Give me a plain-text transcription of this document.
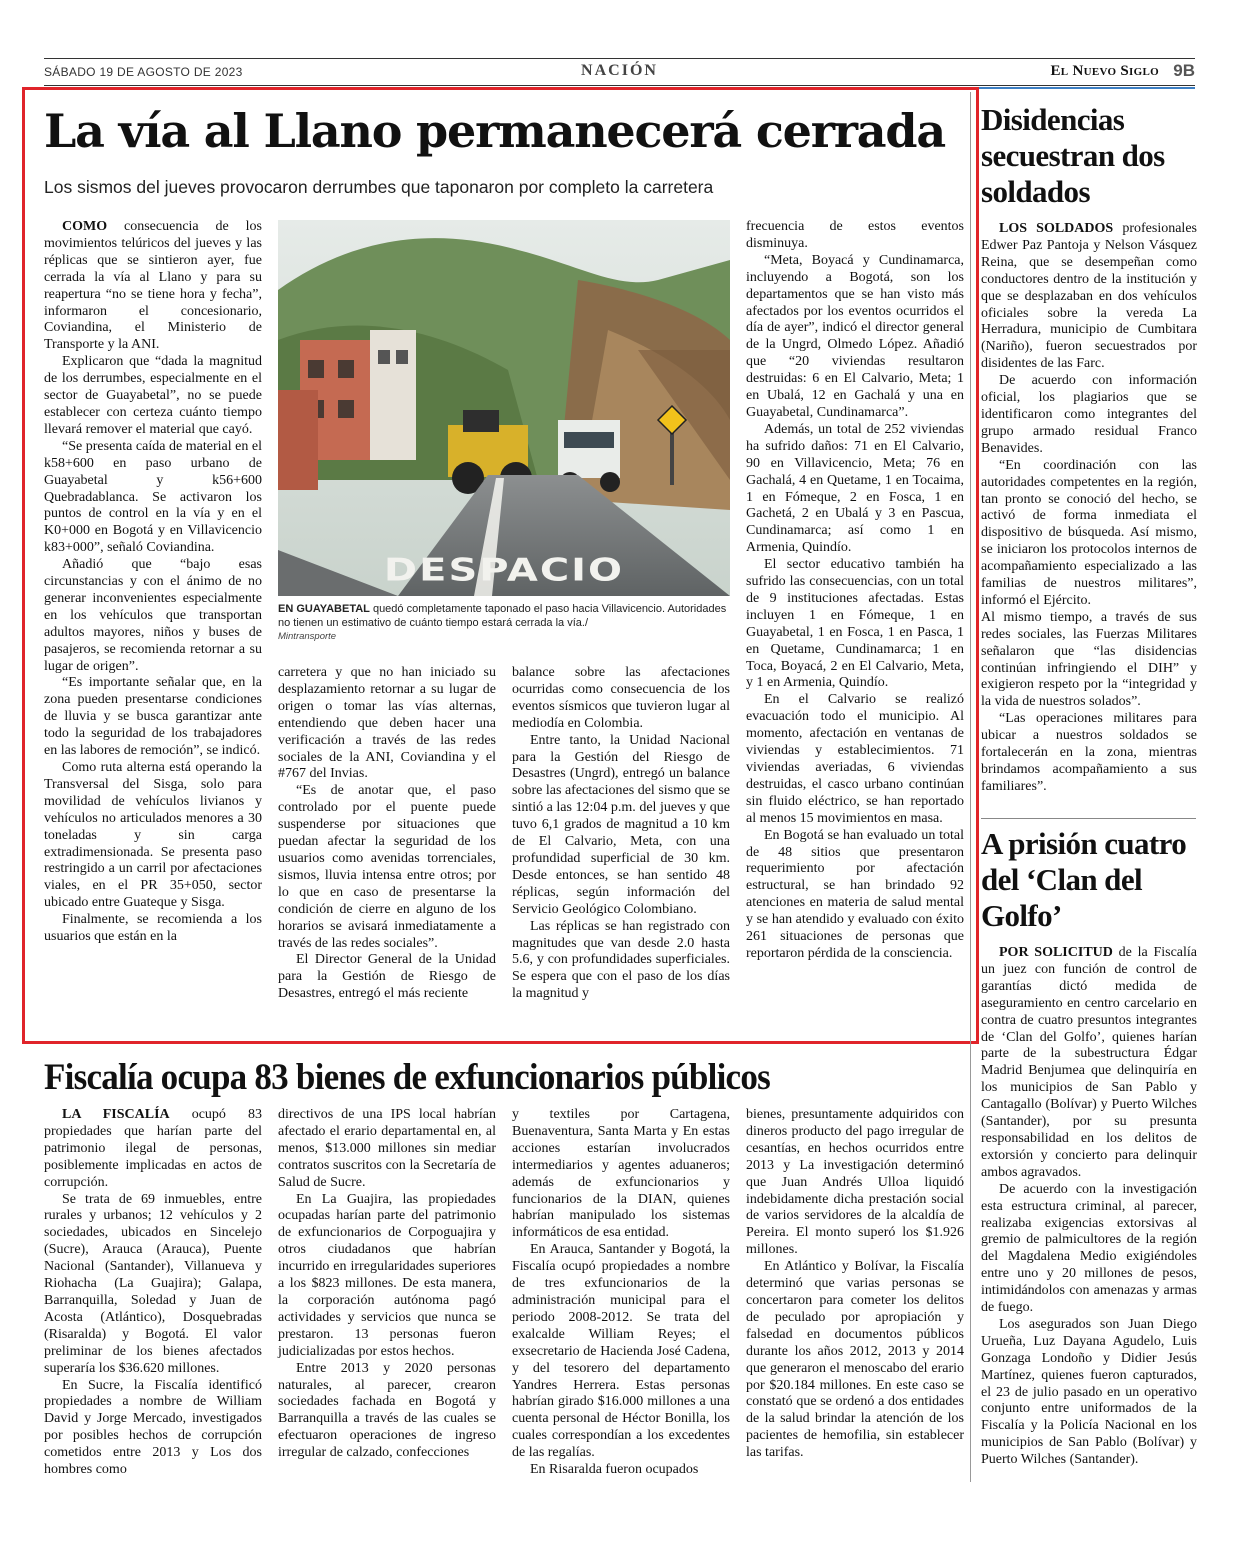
SÁBADO 19 DE AGOSTO DE 2023	NACIÓN	El Nuevo Siglo 9B
La vía al Llano permanecerá cerrada
Los sismos del jueves provocaron derrumbes que taponaron por completo la carretera

COMO consecuencia de los movimientos telúricos del jueves y las réplicas que se sintieron ayer, fue cerrada la vía al Llano y para su reapertura “no se tiene hora y fecha”, informaron el concesionario, Coviandina, el Ministerio de Transporte y la ANI.

Explicaron que “dada la magnitud de los derrumbes, especialmente en el sector de Guayabetal”, no se puede establecer con certeza cuánto tiempo llevará remover el material que cayó.

“Se presenta caída de material en el k58+600 en paso urbano de Guayabetal y k56+600 Quebradablanca. Se activaron los puntos de control en la vía y en el K0+000 en Bogotá y en Villavicencio k83+000”, señaló Coviandina.

Añadió que “bajo esas circunstancias y con el ánimo de no generar inconvenientes especialmente en los vehículos que transportan adultos mayores, niños y buses de pasajeros, se recomienda retornar a su lugar de origen”.

“Es importante señalar que, en la zona pueden presentarse condiciones de lluvia y se busca garantizar ante todo la seguridad de los trabajadores en las labores de remoción”, se indicó.

Como ruta alterna está operando la Transversal del Sisga, solo para movilidad de vehículos livianos y vehículos no articulados menores a 30 toneladas y sin carga extradimensionada. Se presenta paso restringido a un carril por afectaciones viales, en el PR 35+050, sector ubicado entre Guateque y Sisga.

Finalmente, se recomienda a los usuarios que están en la

DESPACIO
EN GUAYABETAL quedó completamente taponado el paso hacia Villavicencio. Autoridades no tienen un estimativo de cuánto tiempo estará cerrada la vía./
Mintransporte

carretera y que no han iniciado su desplazamiento retornar a su lugar de origen o tomar las vías alternas, entendiendo que deben hacer una verificación a través de las redes sociales de la ANI, Coviandina y el #767 del Invias.

“Es de anotar que, el paso controlado por el puente puede suspenderse por situaciones que puedan afectar la seguridad de los usuarios como avenidas torrenciales, sismos, lluvia intensa entre otros; por lo que en caso de presentarse la condición de cierre en alguno de los horarios se avisará inmediatamente a través de las redes sociales”.

El Director General de la Unidad para la Gestión de Riesgo de Desastres, entregó el más reciente

balance sobre las afectaciones ocurridas como consecuencia de los eventos sísmicos que tuvieron lugar al mediodía en Colombia.

Entre tanto, la Unidad Nacional para la Gestión del Riesgo de Desastres (Ungrd), entregó un balance sobre las afectaciones del sismo que se sintió a las 12:04 p.m. del jueves y que tuvo 6,1 grados de magnitud a 10 km de El Calvario, Meta, con una profundidad superficial de 30 km. Desde entonces, se han sentido 48 réplicas, según información del Servicio Geológico Colombiano.

Las réplicas se han registrado con magnitudes que van desde 2.0 hasta 5.6, y con profundidades superficiales. Se espera que con el paso de los días la magnitud y

frecuencia de estos eventos disminuya.

“Meta, Boyacá y Cundinamarca, incluyendo a Bogotá, son los departamentos que se han visto más afectados por los eventos ocurridos el día de ayer”, indicó el director general de la Ungrd, Olmedo López. Añadió que “20 viviendas resultaron destruidas: 6 en El Calvario, Meta; 1 en Ubalá, 12 en Gachalá y una en Guayabetal, Cundinamarca”.

Además, un total de 252 viviendas ha sufrido daños: 71 en El Calvario, 90 en Villavicencio, Meta; 76 en Gachalá, 4 en Quetame, 1 en Tocaima, 1 en Fómeque, 2 en Fosca, 1 en Gachetá, 2 en Ubalá y 3 en Pascua, Cundinamarca; así como 1 en Armenia, Quindío.

El sector educativo también ha sufrido las consecuencias, con un total de 9 instituciones afectadas. Estas incluyen 1 en Fómeque, 1 en Guayabetal, 1 en Fosca, 1 en Pasca, 1 en Quetame, Cundinamarca; 1 en Toca, Boyacá, 2 en El Calvario, Meta, y 1 en Armenia, Quindío.

En el Calvario se realizó evacuación todo el municipio. Al momento, afectación en ventanas de viviendas y establecimientos. 71 viviendas averiadas, 6 viviendas destruidas, el casco urbano continúan sin fluido eléctrico, se han reportado al menos 15 movimientos en masa.

En Bogotá se han evaluado un total de 48 sitios que presentaron requerimiento por afectación estructural, se han brindado 92 atenciones en materia de salud mental y se han atendido y evaluado con éxito 261 situaciones de personas que reportaron pérdida de la consciencia.

Disidencias secuestran dos soldados

LOS SOLDADOS profesionales Edwer Paz Pantoja y Nelson Vásquez Reina, que se desempeñan como conductores dentro de la institución y que se desplazaban en dos vehículos oficiales sobre la vereda La Herradura, municipio de Cumbitara (Nariño), fueron secuestrados por disidentes de las Farc.

De acuerdo con información oficial, los plagiarios que se identificaron como integrantes del grupo armado residual Franco Benavides.

“En coordinación con las autoridades competentes en la región, tan pronto se conoció del hecho, se activó de forma inmediata el dispositivo de búsqueda. Así mismo, se iniciaron los protocolos internos de acompañamiento especializado a las familias de nuestros militares”, informó el Ejército.

Al mismo tiempo, a través de sus redes sociales, las Fuerzas Militares señalaron que “las disidencias continúan infringiendo el DIH” y exigieron respeto por la “integridad y la vida de nuestros solados”.

“Las operaciones militares para ubicar a nuestros soldados se fortalecerán en la zona, mientras brindamos acompañamiento a sus familiares”.

A prisión cuatro del ‘Clan del Golfo’

POR SOLICITUD de la Fiscalía un juez con función de control de garantías dictó medida de aseguramiento en centro carcelario en contra de cuatro presuntos integrantes de ‘Clan del Golfo’, quienes harían parte de la subestructura Édgar Madrid Benjumea que delinquiría en los municipios de San Pablo y Cantagallo (Bolívar) y Puerto Wilches (Santander), por su presunta responsabilidad en los delitos de extorsión y concierto para delinquir ambos agravados.

De acuerdo con la investigación esta estructura criminal, al parecer, realizaba exigencias extorsivas al gremio de palmicultores de la región del Magdalena Medio exigiéndoles entre uno y 20 millones de pesos, intimidándolos con amenazas y armas de fuego.

Los asegurados son Juan Diego Urueña, Luz Dayana Agudelo, Luis Gonzaga Londoño y Didier Jesús Martínez, quienes fueron capturados, el 23 de julio pasado en un operativo conjunto entre uniformados de la Fiscalía y la Policía Nacional en los municipios de San Pablo (Bolívar) y Puerto Wilches (Santander).

Fiscalía ocupa 83 bienes de exfuncionarios públicos

LA FISCALÍA ocupó 83 propiedades que harían parte del patrimonio ilegal de personas, posiblemente implicadas en actos de corrupción.

Se trata de 69 inmuebles, entre rurales y urbanos; 12 vehículos y 2 sociedades, ubicados en Sincelejo (Sucre), Arauca (Arauca), Puente Nacional (Santander), Villanueva y Riohacha (La Guajira); Galapa, Barranquilla, Soledad y Juan de Acosta (Atlántico), Dosquebradas (Risaralda) y Bogotá. El valor preliminar de los bienes afectados superaría los $36.620 millones.

En Sucre, la Fiscalía identificó propiedades a nombre de William David y Jorge Mercado, investigados por posibles hechos de corrupción cometidos entre 2013 y Los dos hombres como

directivos de una IPS local habrían afectado el erario departamental en, al menos, $13.000 millones sin mediar contratos suscritos con la Secretaría de Salud de Sucre.

En La Guajira, las propiedades ocupadas harían parte del patrimonio de exfuncionarios de Corpoguajira y otros ciudadanos que habrían incurrido en irregularidades superiores a los $823 millones. De esta manera, la corporación autónoma pagó actividades y servicios que nunca se prestaron. 13 personas fueron judicializadas por estos hechos.

Entre 2013 y 2020 personas naturales, al parecer, crearon sociedades fachada en Bogotá y Barranquilla a través de las cuales se efectuaron operaciones de ingreso irregular de calzado, confecciones

y textiles por Cartagena, Buenaventura, Santa Marta y En estas acciones estarían involucrados intermediarios y agentes aduaneros; además de exfuncionarios y funcionarios de la DIAN, quienes habrían manipulado los sistemas informáticos de esa entidad.

En Arauca, Santander y Bogotá, la Fiscalía ocupó propiedades a nombre de tres exfuncionarios de la administración municipal para el periodo 2008-2012. Se trata del exalcalde William Reyes; el exsecretario de Hacienda José Cadena, y del tesorero del departamento Yandres Herrera. Estas personas habrían girado $16.000 millones a una cuenta personal de Héctor Bonilla, los cuales correspondían a los excedentes de las regalías.

En Risaralda fueron ocupados

bienes, presuntamente adquiridos con dineros producto del pago irregular de cesantías, en hechos ocurridos entre 2013 y La investigación determinó que Juan Andrés Ulloa liquidó indebidamente dicha prestación social de varios servidores de la alcaldía de Pereira. El monto superó los $1.926 millones.

En Atlántico y Bolívar, la Fiscalía determinó que varias personas se concertaron para cometer los delitos de peculado por apropiación y falsedad en documentos públicos durante los años 2012, 2013 y 2014 que generaron el menoscabo del erario por $20.184 millones. En este caso se constató que se ordenó a dos entidades de la salud brindar la atención de los pacientes de hemofilia, sin establecer las tarifas.
